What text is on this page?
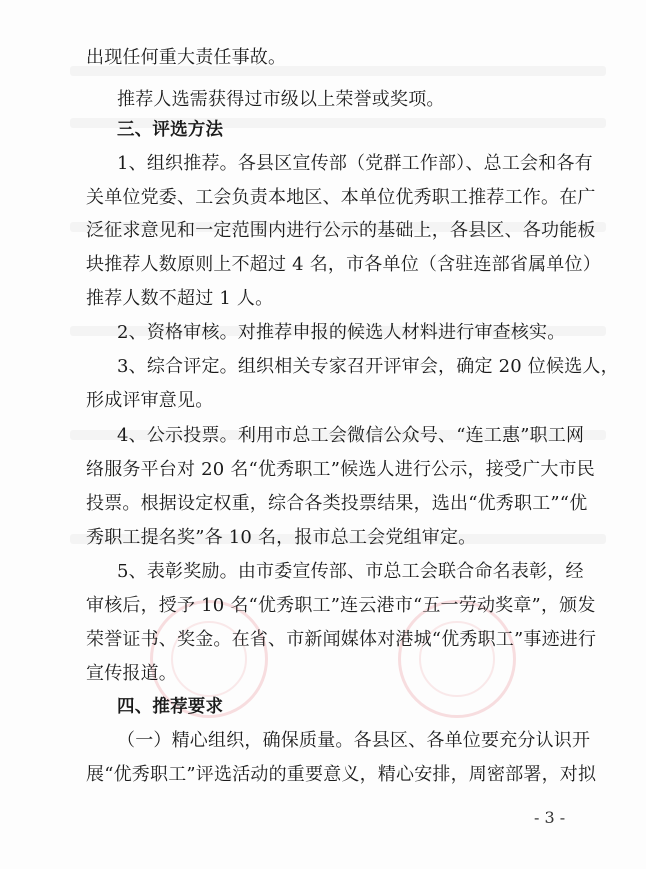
出现任何重大责任事故。
推荐人选需获得过市级以上荣誉或奖项。
三、评选方法
1、组织推荐。各县区宣传部（党群工作部）、总工会和各有
关单位党委、工会负责本地区、本单位优秀职工推荐工作。在广
泛征求意见和一定范围内进行公示的基础上，各县区、各功能板
块推荐人数原则上不超过 4 名，市各单位（含驻连部省属单位）
推荐人数不超过 1 人。
2、资格审核。对推荐申报的候选人材料进行审查核实。
3、综合评定。组织相关专家召开评审会，确定 20 位候选人，
形成评审意见。
4、公示投票。利用市总工会微信公众号、“连工惠”职工网
络服务平台对 20 名“优秀职工”候选人进行公示，接受广大市民
投票。根据设定权重，综合各类投票结果，选出“优秀职工”“优
秀职工提名奖”各 10 名，报市总工会党组审定。
5、表彰奖励。由市委宣传部、市总工会联合命名表彰，经
审核后，授予 10 名“优秀职工”连云港市“五一劳动奖章”，颁发
荣誉证书、奖金。在省、市新闻媒体对港城“优秀职工”事迹进行
宣传报道。
四、推荐要求
（一）精心组织，确保质量。各县区、各单位要充分认识开
展“优秀职工”评选活动的重要意义，精心安排，周密部署，对拟
- 3 -
